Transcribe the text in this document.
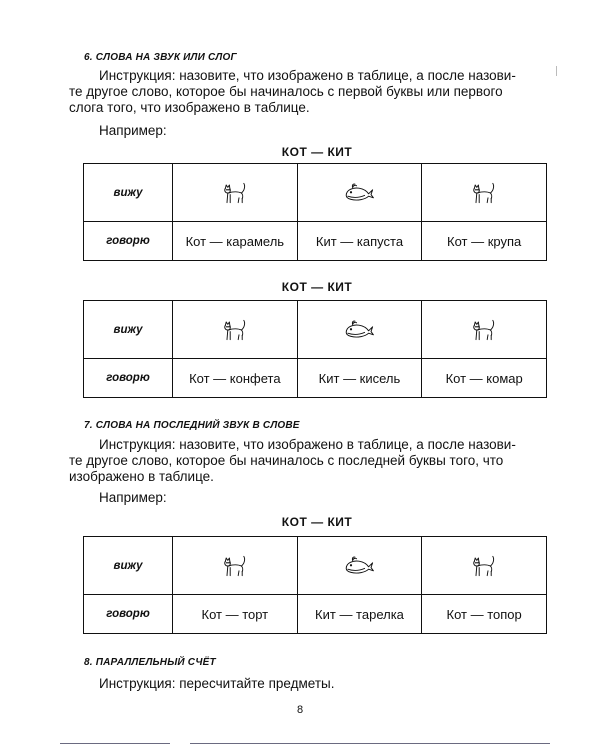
6. СЛОВА НА ЗВУК ИЛИ СЛОГ
Инструкция: назовите, что изображено в таблице, а после назови-
те другое слово, которое бы начиналось с первой буквы или первого
слога того, что изображено в таблице.
Например:
КОТ — КИТ
вижу			
говорю	Кот — карамель	Кит — капуста	Кот — крупа
КОТ — КИТ
вижу			
говорю	Кот — конфета	Кит — кисель	Кот — комар
7. СЛОВА НА ПОСЛЕДНИЙ ЗВУК В СЛОВЕ
Инструкция: назовите, что изображено в таблице, а после назови-
те другое слово, которое бы начиналось с последней буквы того, что
изображено в таблице.
Например:
КОТ — КИТ
вижу			
говорю	Кот — торт	Кит — тарелка	Кот — топор
8. ПАРАЛЛЕЛЬНЫЙ СЧЁТ
Инструкция: пересчитайте предметы.
8
